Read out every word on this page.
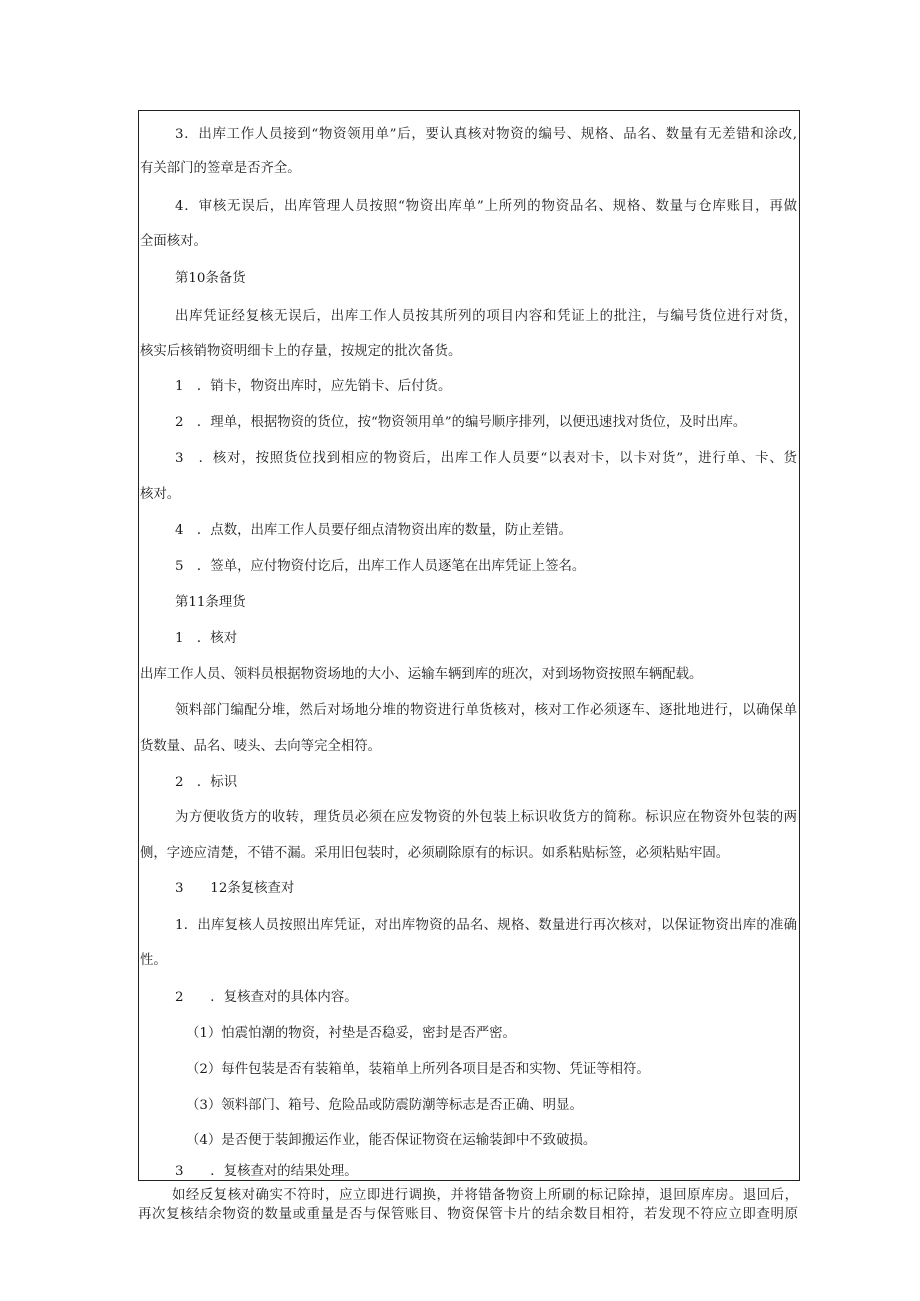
3．出库工作人员接到“物资领用单”后，要认真核对物资的编号、规格、品名、数量有无差错和涂改,
有关部门的签章是否齐全。
4．审核无误后，出库管理人员按照“物资出库单”上所列的物资品名、规格、数量与仓库账目，再做
全面核对。
第10条备货
出库凭证经复核无误后，出库工作人员按其所列的项目内容和凭证上的批注，与编号货位进行对货，
核实后核销物资明细卡上的存量，按规定的批次备货。
1　．销卡，物资出库时，应先销卡、后付货。
2　．理单，根据物资的货位，按“物资领用单”的编号顺序排列，以便迅速找对货位，及时出库。
3　．核对，按照货位找到相应的物资后，出库工作人员要“以表对卡，以卡对货”，进行单、卡、货
核对。
4　．点数，出库工作人员要仔细点清物资出库的数量，防止差错。
5　．签单，应付物资付讫后，出库工作人员逐笔在出库凭证上签名。
第11条理货
1　．核对
出库工作人员、领料员根据物资场地的大小、运输车辆到库的班次，对到场物资按照车辆配载。
领料部门编配分堆，然后对场地分堆的物资进行单货核对，核对工作必须逐车、逐批地进行，以确保单
货数量、品名、唛头、去向等完全相符。
2　．标识
为方便收货方的收转，理货员必须在应发物资的外包装上标识收货方的简称。标识应在物资外包装的两
侧，字迹应清楚，不错不漏。采用旧包装时，必须刷除原有的标识。如系粘贴标签，必须粘贴牢固。
3　　12条复核查对
1．出库复核人员按照出库凭证，对出库物资的品名、规格、数量进行再次核对，以保证物资出库的准确
性。
2　　．复核查对的具体内容。
（1）怕震怕潮的物资，衬垫是否稳妥，密封是否严密。
（2）每件包装是否有装箱单，装箱单上所列各项目是否和实物、凭证等相符。
（3）领料部门、箱号、危险品或防震防潮等标志是否正确、明显。
（4）是否便于装卸搬运作业，能否保证物资在运输装卸中不致破损。
3　　．复核查对的结果处理。
如经反复核对确实不符时，应立即进行调换，并将错备物资上所刷的标记除掉，退回原库房。退回后，
再次复核结余物资的数量或重量是否与保管账目、物资保管卡片的结余数目相符，若发现不符应立即查明原
